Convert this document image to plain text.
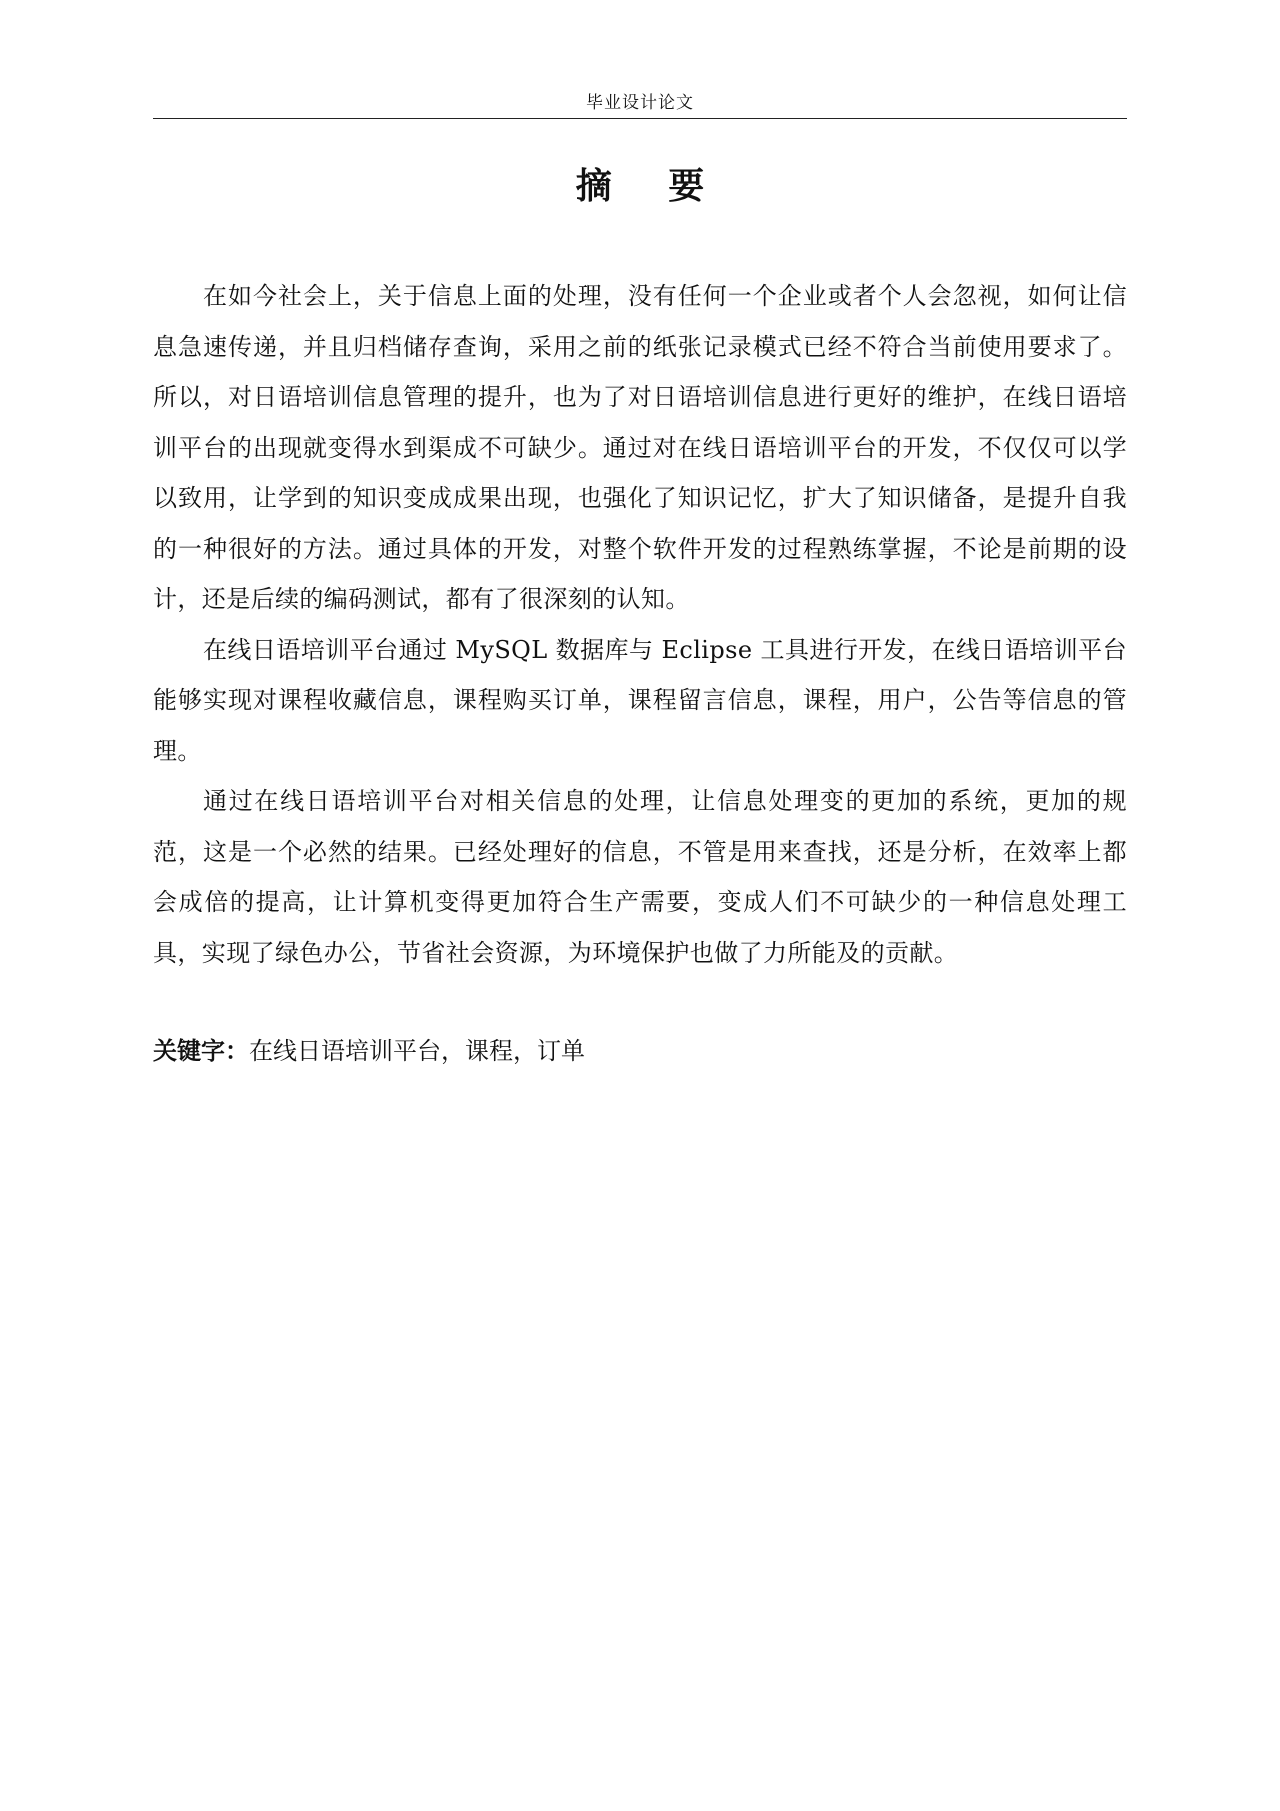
毕业设计论文
摘 要

在如今社会上，关于信息上面的处理，没有任何一个企业或者个人会忽视，如何让信息急速传递，并且归档储存查询，采用之前的纸张记录模式已经不符合当前使用要求了。所以，对日语培训信息管理的提升，也为了对日语培训信息进行更好的维护，在线日语培训平台的出现就变得水到渠成不可缺少。通过对在线日语培训平台的开发，不仅仅可以学以致用，让学到的知识变成成果出现，也强化了知识记忆，扩大了知识储备，是提升自我的一种很好的方法。通过具体的开发，对整个软件开发的过程熟练掌握，不论是前期的设计，还是后续的编码测试，都有了很深刻的认知。

在线日语培训平台通过 MySQL 数据库与 Eclipse 工具进行开发，在线日语培训平台能够实现对课程收藏信息，课程购买订单，课程留言信息，课程，用户，公告等信息的管理。

通过在线日语培训平台对相关信息的处理，让信息处理变的更加的系统，更加的规范，这是一个必然的结果。已经处理好的信息，不管是用来查找，还是分析，在效率上都会成倍的提高，让计算机变得更加符合生产需要，变成人们不可缺少的一种信息处理工具，实现了绿色办公，节省社会资源，为环境保护也做了力所能及的贡献。

关键字：在线日语培训平台，课程，订单
